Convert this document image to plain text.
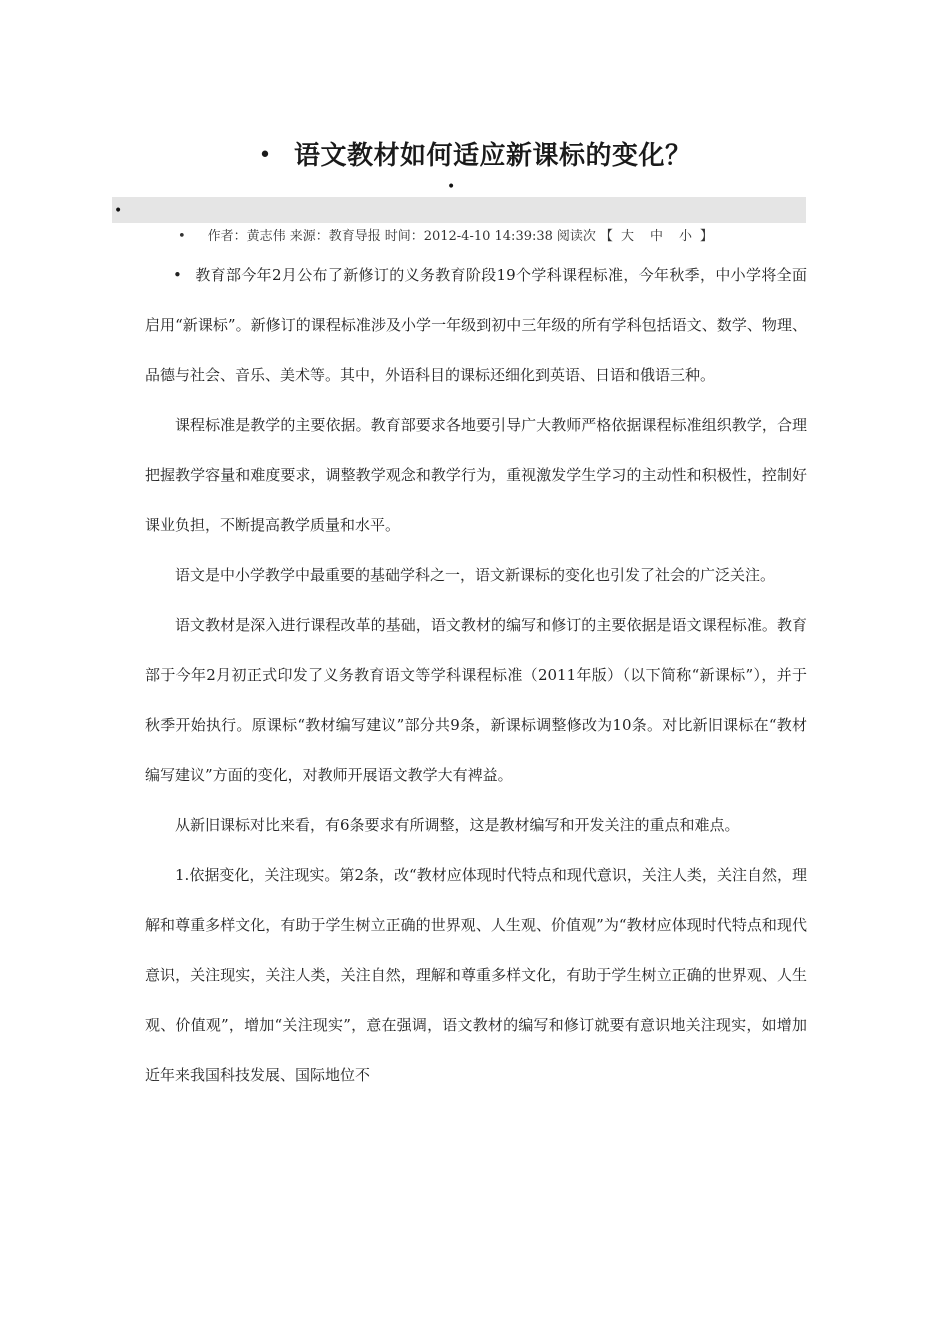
• 语文教材如何适应新课标的变化？
•
•
• 作者：黄志伟 来源：教育导报 时间：2012-4-10 14:39:38 阅读次 【 大 中 小 】

• 教育部今年2月公布了新修订的义务教育阶段19个学科课程标准，今年秋季，中小学将全面启用“新课标”。新修订的课程标准涉及小学一年级到初中三年级的所有学科包括语文、数学、物理、品德与社会、音乐、美术等。其中，外语科目的课标还细化到英语、日语和俄语三种。

课程标准是教学的主要依据。教育部要求各地要引导广大教师严格依据课程标准组织教学，合理把握教学容量和难度要求，调整教学观念和教学行为，重视激发学生学习的主动性和积极性，控制好课业负担，不断提高教学质量和水平。

语文是中小学教学中最重要的基础学科之一，语文新课标的变化也引发了社会的广泛关注。

语文教材是深入进行课程改革的基础，语文教材的编写和修订的主要依据是语文课程标准。教育部于今年2月初正式印发了义务教育语文等学科课程标准（2011年版）（以下简称“新课标”），并于秋季开始执行。原课标“教材编写建议”部分共9条，新课标调整修改为10条。对比新旧课标在“教材编写建议”方面的变化，对教师开展语文教学大有裨益。

从新旧课标对比来看，有6条要求有所调整，这是教材编写和开发关注的重点和难点。

1.依据变化，关注现实。第2条，改“教材应体现时代特点和现代意识，关注人类，关注自然，理解和尊重多样文化，有助于学生树立正确的世界观、人生观、价值观”为“教材应体现时代特点和现代意识，关注现实，关注人类，关注自然，理解和尊重多样文化，有助于学生树立正确的世界观、人生观、价值观”，增加“关注现实”，意在强调，语文教材的编写和修订就要有意识地关注现实，如增加近年来我国科技发展、国际地位不
